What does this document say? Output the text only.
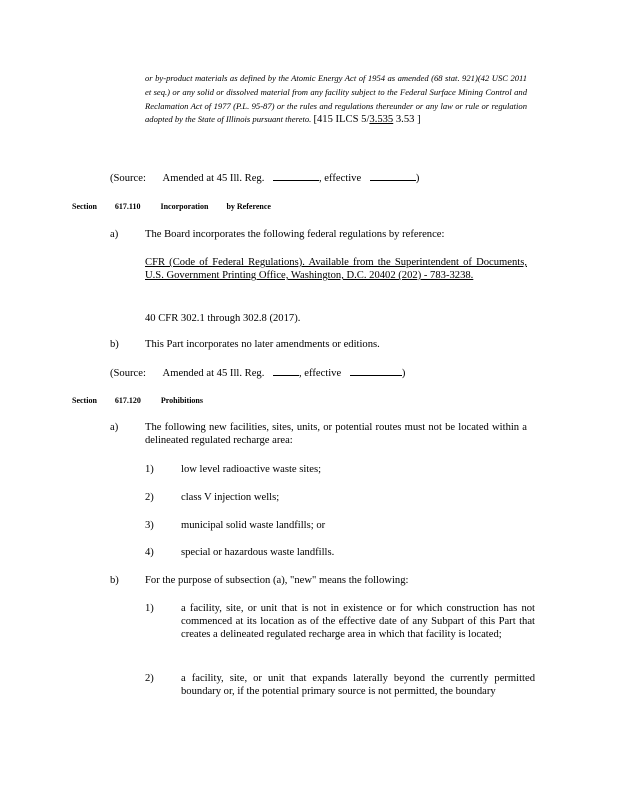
or by-product materials as defined by the Atomic Energy Act of 1954 as amended (68 stat. 921)(42 USC 2011 et seq.) or any solid or dissolved material from any facility subject to the Federal Surface Mining Control and Reclamation Act of 1977 (P.L. 95-87) or the rules and regulations thereunder or any law or rule or regulation adopted by the State of Illinois pursuant thereto. [415 ILCS 5/3.535 3.53 ]
(Source: Amended at 45 Ill. Reg.	, effective	)
Section 617.110	Incorporation by Reference
a)	The Board incorporates the following federal regulations by reference:
CFR (Code of Federal Regulations). Available from the Superintendent of Documents, U.S. Government Printing Office, Washington, D.C. 20402 (202) - 783-3238.
40 CFR 302.1 through 302.8 (2017).
b) This Part incorporates no later amendments or editions.
(Source: Amended at 45 Ill. Reg.	, effective	)
Section 617.120	Prohibitions
a)	The following new facilities, sites, units, or potential routes must not be located within a delineated regulated recharge area:
1)	low level radioactive waste sites;
2)	class V injection wells;
3)	municipal solid waste landfills; or
4)	special or hazardous waste landfills.
b) For the purpose of subsection (a), "new" means the following:
1)	a facility, site, or unit that is not in existence or for which construction has not commenced at its location as of the effective date of any Subpart of this Part that creates a delineated regulated recharge area in which that facility is located;
2)	a facility, site, or unit that expands laterally beyond the currently permitted boundary or, if the potential primary source is not permitted, the boundary
